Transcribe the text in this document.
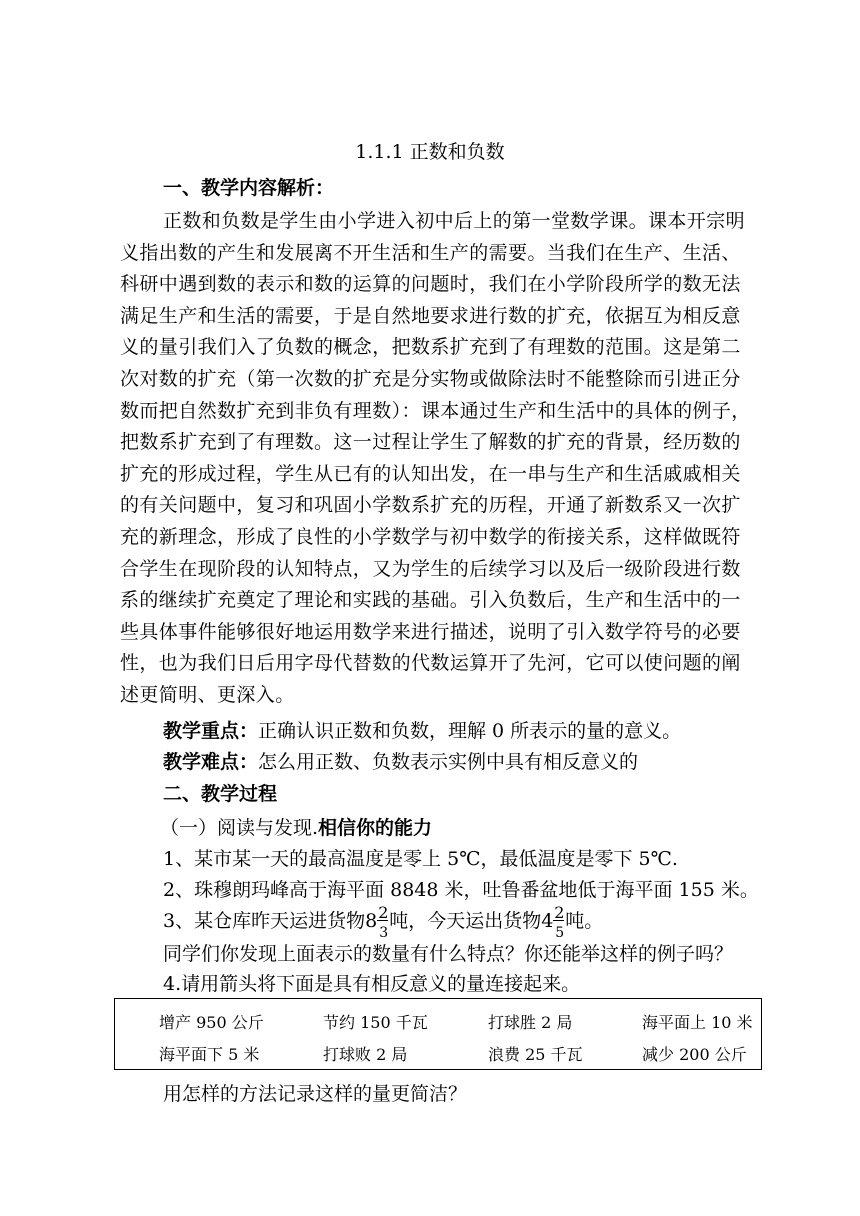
1.1.1 正数和负数
一、教学内容解析：
正数和负数是学生由小学进入初中后上的第一堂数学课。课本开宗明
义指出数的产生和发展离不开生活和生产的需要。当我们在生产、生活、
科研中遇到数的表示和数的运算的问题时，我们在小学阶段所学的数无法
满足生产和生活的需要，于是自然地要求进行数的扩充，依据互为相反意
义的量引我们入了负数的概念，把数系扩充到了有理数的范围。这是第二
次对数的扩充（第一次数的扩充是分实物或做除法时不能整除而引进正分
数而把自然数扩充到非负有理数）：课本通过生产和生活中的具体的例子，
把数系扩充到了有理数。这一过程让学生了解数的扩充的背景，经历数的
扩充的形成过程，学生从已有的认知出发，在一串与生产和生活戚戚相关
的有关问题中，复习和巩固小学数系扩充的历程，开通了新数系又一次扩
充的新理念，形成了良性的小学数学与初中数学的衔接关系，这样做既符
合学生在现阶段的认知特点，又为学生的后续学习以及后一级阶段进行数
系的继续扩充奠定了理论和实践的基础。引入负数后，生产和生活中的一
些具体事件能够很好地运用数学来进行描述，说明了引入数学符号的必要
性，也为我们日后用字母代替数的代数运算开了先河，它可以使问题的阐
述更简明、更深入。
教学重点：正确认识正数和负数，理解 0 所表示的量的意义。
教学难点：怎么用正数、负数表示实例中具有相反意义的
二、教学过程
（一）阅读与发现.相信你的能力
1、某市某一天的最高温度是零上 5℃，最低温度是零下 5℃.
2、珠穆朗玛峰高于海平面 8848 米，吐鲁番盆地低于海平面 155 米。
3、某仓库昨天运进货物8 2
3
吨，今天运出货物4 2
5
吨。
同学们你发现上面表示的数量有什么特点？你还能举这样的例子吗？
4.请用箭头将下面是具有相反意义的量连接起来。
增产 950 公斤	节约 150 千瓦	打球胜 2 局	海平面上 10 米
海平面下 5 米	打球败 2 局	浪费 25 千瓦	减少 200 公斤
用怎样的方法记录这样的量更简洁？
